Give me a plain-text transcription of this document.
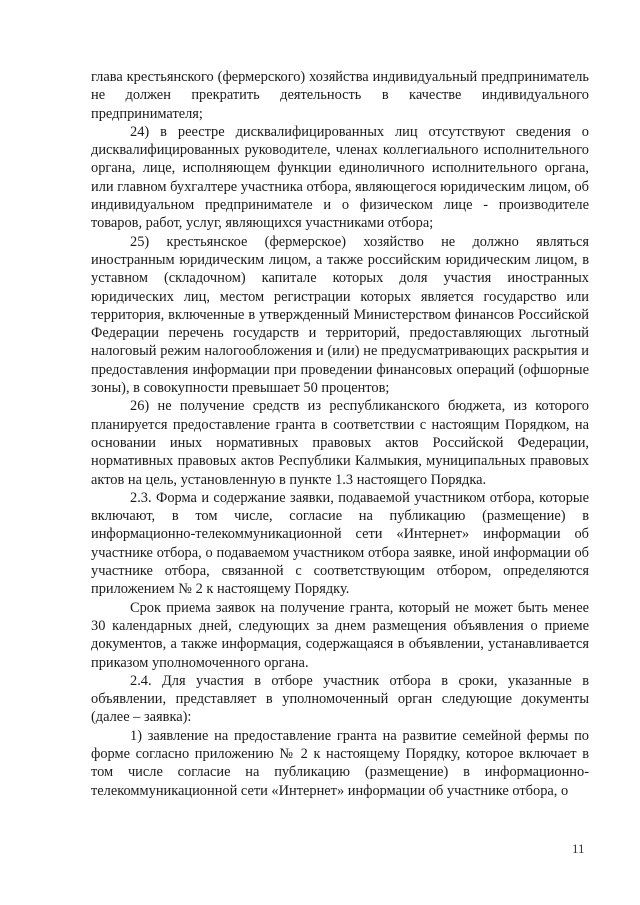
глава крестьянского (фермерского) хозяйства индивидуальный предприниматель не должен прекратить деятельность в качестве индивидуального предпринимателя;

24) в реестре дисквалифицированных лиц отсутствуют сведения о дисквалифицированных руководителе, членах коллегиального исполнительного органа, лице, исполняющем функции единоличного исполнительного органа, или главном бухгалтере участника отбора, являющегося юридическим лицом, об индивидуальном предпринимателе и о физическом лице - производителе товаров, работ, услуг, являющихся участниками отбора;

25) крестьянское (фермерское) хозяйство не должно являться иностранным юридическим лицом, а также российским юридическим лицом, в уставном (складочном) капитале которых доля участия иностранных юридических лиц, местом регистрации которых является государство или территория, включенные в утвержденный Министерством финансов Российской Федерации перечень государств и территорий, предоставляющих льготный налоговый режим налогообложения и (или) не предусматривающих раскрытия и предоставления информации при проведении финансовых операций (офшорные зоны), в совокупности превышает 50 процентов;

26) не получение средств из республиканского бюджета, из которого планируется предоставление гранта в соответствии с настоящим Порядком, на основании иных нормативных правовых актов Российской Федерации, нормативных правовых актов Республики Калмыкия, муниципальных правовых актов на цель, установленную в пункте 1.3 настоящего Порядка.

2.3. Форма и содержание заявки, подаваемой участником отбора, которые включают, в том числе, согласие на публикацию (размещение) в информационно-телекоммуникационной сети «Интернет» информации об участнике отбора, о подаваемом участником отбора заявке, иной информации об участнике отбора, связанной с соответствующим отбором, определяются приложением № 2 к настоящему Порядку.

Срок приема заявок на получение гранта, который не может быть менее 30 календарных дней, следующих за днем размещения объявления о приеме документов, а также информация, содержащаяся в объявлении, устанавливается приказом уполномоченного органа.

2.4. Для участия в отборе участник отбора в сроки, указанные в объявлении, представляет в уполномоченный орган следующие документы (далее – заявка):

1) заявление на предоставление гранта на развитие семейной фермы по форме согласно приложению № 2 к настоящему Порядку, которое включает в том числе согласие на публикацию (размещение) в информационно-телекоммуникационной сети «Интернет» информации об участнике отбора, о

11
